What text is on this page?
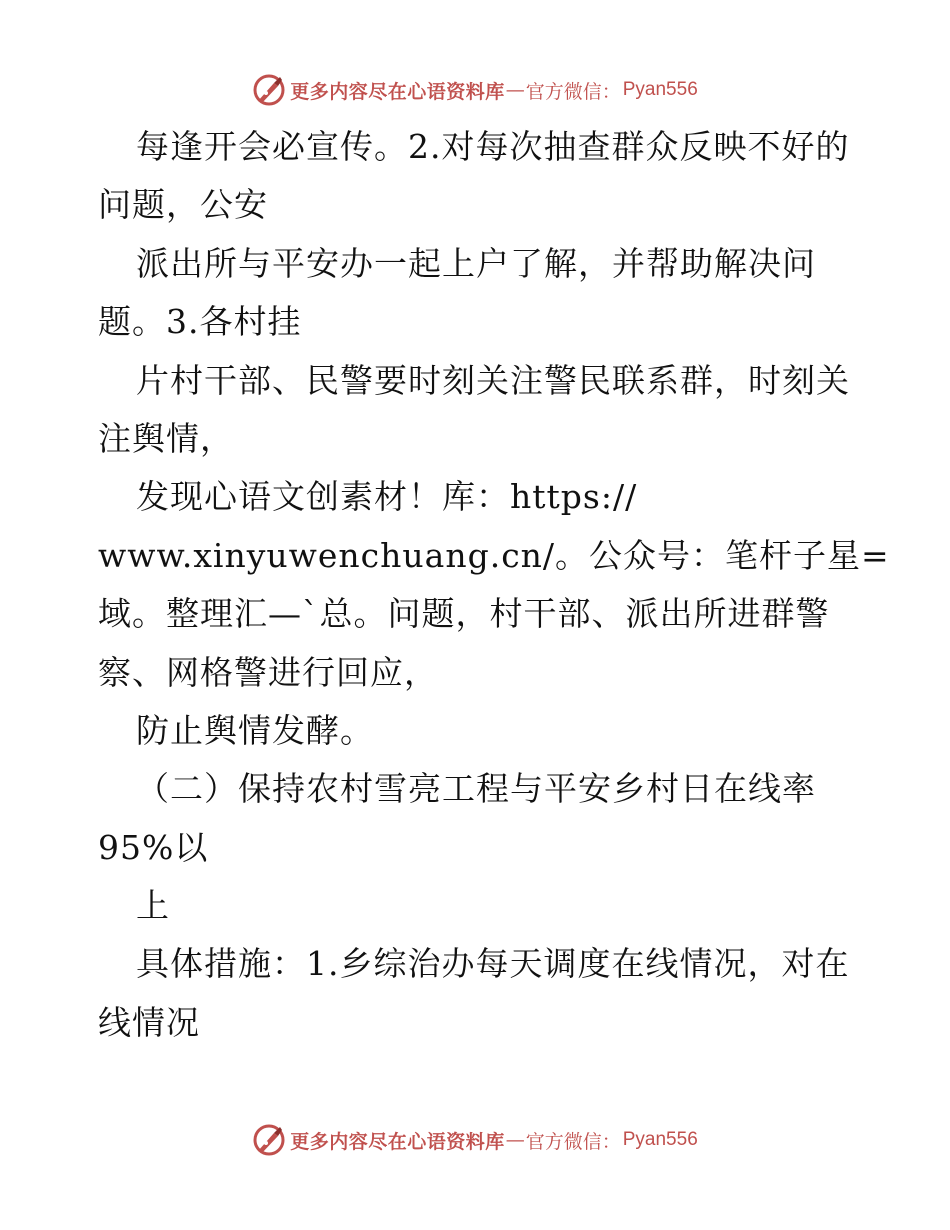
更多内容尽在心语资料库 — 官方微信： Pyan556
每逢开会必宣传。2.对每次抽查群众反映不好的
问题，公安
派出所与平安办一起上户了解，并帮助解决问
题。3.各村挂
片村干部、民警要时刻关注警民联系群，时刻关
注舆情，
发现心语文创素材！库：https://
www.xinyuwenchuang.cn/。公众号：笔杆子星=
域。整理汇—`总。问题，村干部、派出所进群警
察、网格警进行回应，
防止舆情发酵。
（二）保持农村雪亮工程与平安乡村日在线率
95%以
上
具体措施：1.乡综治办每天调度在线情况，对在
线情况
更多内容尽在心语资料库 — 官方微信： Pyan556
